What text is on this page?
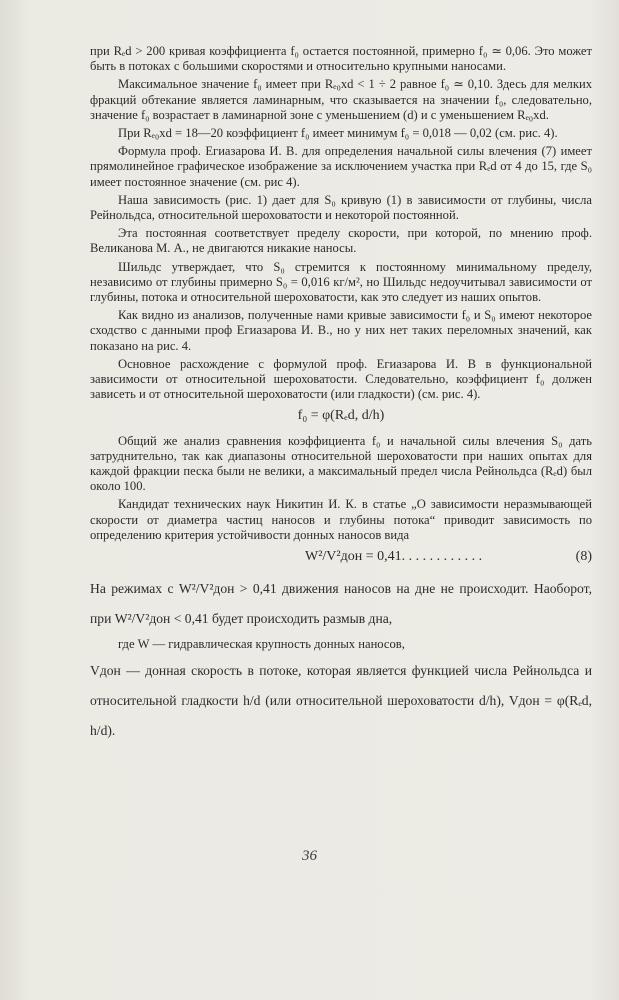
при Rₑd > 200 кривая коэффициента f₀ остается постоянной, примерно f₀ ≃ 0,06. Это может быть в потоках с большими скоростями и относительно крупными наносами.

Максимальное значение f₀ имеет при Rₑ₀xd < 1 ÷ 2 равное f₀ ≃ 0,10. Здесь для мелких фракций обтекание является ламинарным, что сказывается на значении f₀, следовательно, значение f₀ возрастает в ламинарной зоне с уменьшением (d) и с уменьшением Rₑ₀xd.

При Rₑ₀xd = 18—20 коэффициент f₀ имеет минимум f₀ = 0,018 — 0,02 (см. рис. 4).

Формула проф. Егиазарова И. В. для определения начальной силы влечения (7) имеет прямолинейное графическое изображение за исключением участка при Rₑd от 4 до 15, где S₀ имеет постоянное значение (см. рис 4).

Наша зависимость (рис. 1) дает для S₀ кривую (1) в зависимости от глубины, числа Рейнольдса, относительной шероховатости и некоторой постоянной.

Эта постоянная соответствует пределу скорости, при которой, по мнению проф. Великанова М. А., не двигаются никакие наносы.

Шильдс утверждает, что S₀ стремится к постоянному минимальному пределу, независимо от глубины примерно S₀ = 0,016 кг/м², но Шильдс недоучитывал зависимости от глубины, потока и относительной шероховатости, как это следует из наших опытов.

Как видно из анализов, полученные нами кривые зависимости f₀ и S₀ имеют некоторое сходство с данными проф Егиазарова И. В., но у них нет таких переломных значений, как показано на рис. 4.

Основное расхождение с формулой проф. Егиазарова И. В в функциональной зависимости от относительной шероховатости. Следовательно, коэффициент f₀ должен зависеть и от относительной шероховатости (или гладкости) (см. рис. 4).

f₀ = φ(Rₑd, d/h)

Общий же анализ сравнения коэффициента f₀ и начальной силы влечения S₀ дать затруднительно, так как диапазоны относительной шероховатости при наших опытах для каждой фракции песка были не велики, а максимальный предел числа Рейнольдса (Rₑd) был около 100.

Кандидат технических наук Никитин И. К. в статье „О зависимости неразмывающей скорости от диаметра частиц наносов и глубины потока“ приводит зависимость по определению критерия устойчивости донных наносов вида

W²/V²дон = 0,41. . . . . . . . . . . .	(8)

На режимах с W²/V²дон > 0,41 движения наносов на дне не происходит. Наоборот, при W²/V²дон < 0,41 будет происходить размыв дна,

где W — гидравлическая крупность донных наносов,

Vдон — донная скорость в потоке, которая является функцией числа Рейнольдса и относительной гладкости h/d (или относительной шероховатости d/h), Vдон = φ(Rₑd, h/d).

36
